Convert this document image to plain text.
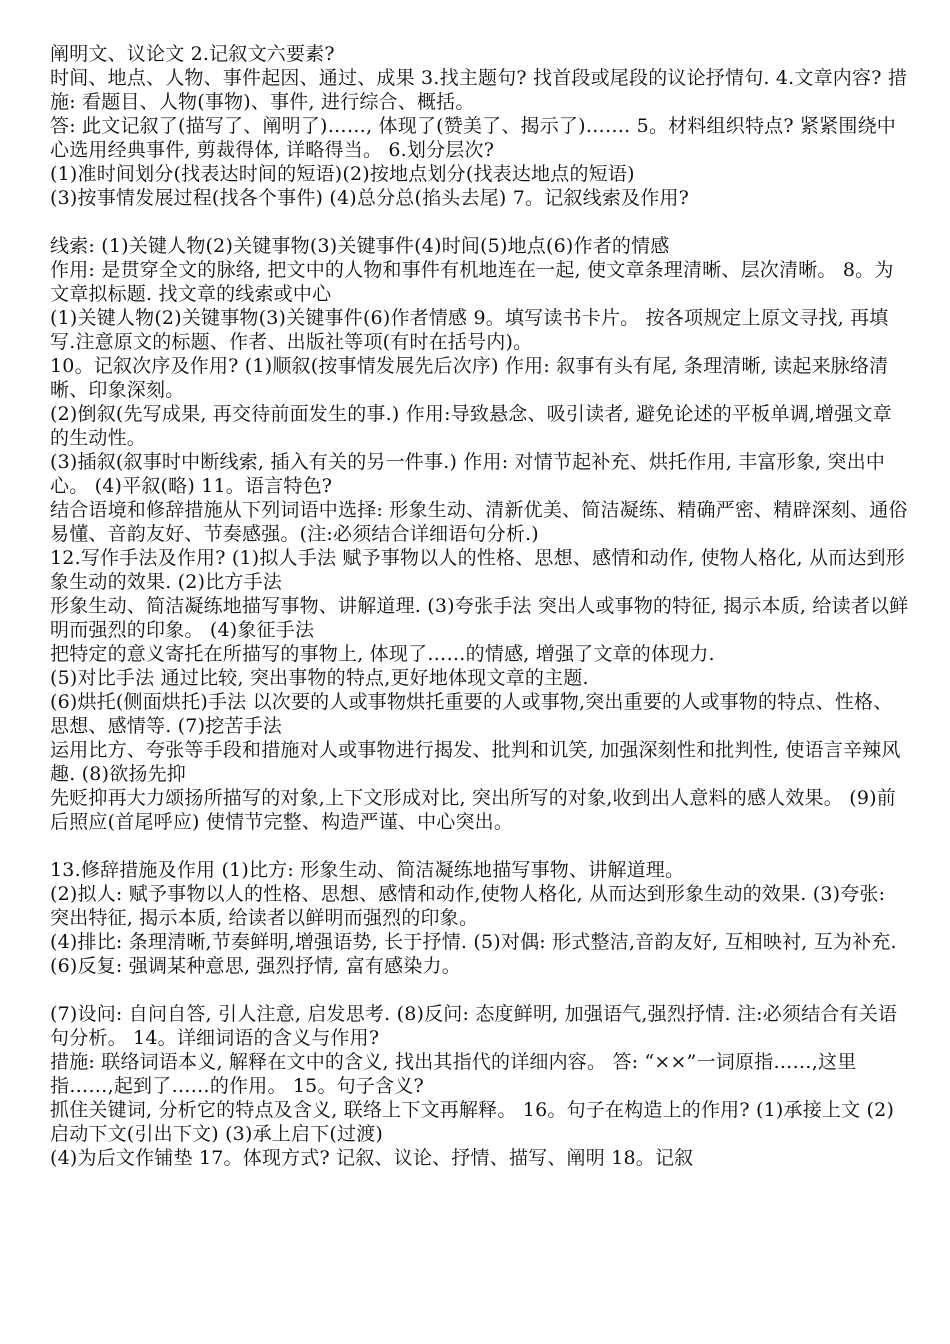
阐明文、议论文 2.记叙文六要素?

时间、地点、人物、事件起因、通过、成果 3.找主题句? 找首段或尾段的议论抒情句. 4.文章内容? 措施: 看题目、人物(事物)、事件, 进行综合、概括。

答: 此文记叙了(描写了、阐明了)……, 体现了(赞美了、揭示了)……. 5。材料组织特点? 紧紧围绕中心选用经典事件, 剪裁得体, 详略得当。 6.划分层次?

(1)准时间划分(找表达时间的短语)(2)按地点划分(找表达地点的短语)

(3)按事情发展过程(找各个事件) (4)总分总(掐头去尾) 7。记叙线索及作用?

线索: (1)关键人物(2)关键事物(3)关键事件(4)时间(5)地点(6)作者的情感

作用: 是贯穿全文的脉络, 把文中的人物和事件有机地连在一起, 使文章条理清晰、层次清晰。 8。为文章拟标题. 找文章的线索或中心

(1)关键人物(2)关键事物(3)关键事件(6)作者情感 9。填写读书卡片。 按各项规定上原文寻找, 再填写.注意原文的标题、作者、出版社等项(有时在括号内)。

10。记叙次序及作用? (1)顺叙(按事情发展先后次序) 作用: 叙事有头有尾, 条理清晰, 读起来脉络清晰、印象深刻。

(2)倒叙(先写成果, 再交待前面发生的事.) 作用:导致悬念、吸引读者, 避免论述的平板单调,增强文章的生动性。

(3)插叙(叙事时中断线索, 插入有关的另一件事.) 作用: 对情节起补充、烘托作用, 丰富形象, 突出中心。 (4)平叙(略) 11。语言特色?

结合语境和修辞措施从下列词语中选择: 形象生动、清新优美、简洁凝练、精确严密、精辟深刻、通俗易懂、音韵友好、节奏感强。(注:必须结合详细语句分析.)

12.写作手法及作用? (1)拟人手法 赋予事物以人的性格、思想、感情和动作, 使物人格化, 从而达到形象生动的效果. (2)比方手法

形象生动、简洁凝练地描写事物、讲解道理. (3)夸张手法 突出人或事物的特征, 揭示本质, 给读者以鲜明而强烈的印象。 (4)象征手法

把特定的意义寄托在所描写的事物上, 体现了……的情感, 增强了文章的体现力.

(5)对比手法 通过比较, 突出事物的特点,更好地体现文章的主题.

(6)烘托(侧面烘托)手法 以次要的人或事物烘托重要的人或事物,突出重要的人或事物的特点、性格、思想、感情等. (7)挖苦手法

运用比方、夸张等手段和措施对人或事物进行揭发、批判和讥笑, 加强深刻性和批判性, 使语言辛辣风趣. (8)欲扬先抑

先贬抑再大力颂扬所描写的对象,上下文形成对比, 突出所写的对象,收到出人意料的感人效果。 (9)前后照应(首尾呼应) 使情节完整、构造严谨、中心突出。

13.修辞措施及作用 (1)比方: 形象生动、简洁凝练地描写事物、讲解道理。

(2)拟人: 赋予事物以人的性格、思想、感情和动作,使物人格化, 从而达到形象生动的效果. (3)夸张: 突出特征, 揭示本质, 给读者以鲜明而强烈的印象。

(4)排比: 条理清晰,节奏鲜明,增强语势, 长于抒情. (5)对偶: 形式整洁,音韵友好, 互相映衬, 互为补充. (6)反复: 强调某种意思, 强烈抒情, 富有感染力。

(7)设问: 自问自答, 引人注意, 启发思考. (8)反问: 态度鲜明, 加强语气,强烈抒情. 注:必须结合有关语句分析。 14。详细词语的含义与作用?

措施: 联络词语本义, 解释在文中的含义, 找出其指代的详细内容。 答: “××”一词原指……,这里指……,起到了……的作用。 15。句子含义?

抓住关键词, 分析它的特点及含义, 联络上下文再解释。 16。句子在构造上的作用? (1)承接上文 (2)启动下文(引出下文) (3)承上启下(过渡)

(4)为后文作铺垫 17。体现方式? 记叙、议论、抒情、描写、阐明 18。记叙
